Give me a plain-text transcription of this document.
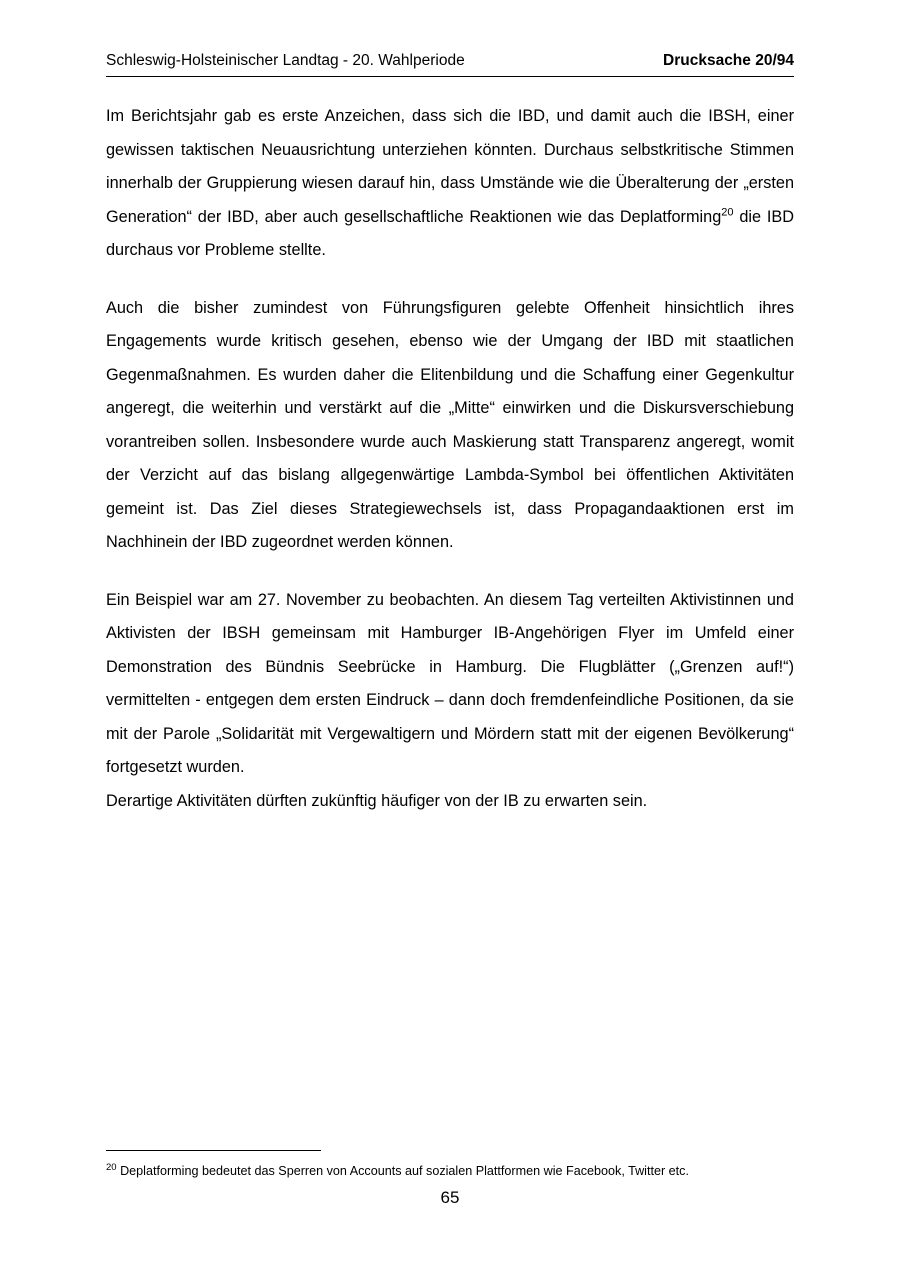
Schleswig-Holsteinischer Landtag - 20. Wahlperiode	Drucksache 20/94

Im Berichtsjahr gab es erste Anzeichen, dass sich die IBD, und damit auch die IBSH, einer gewissen taktischen Neuausrichtung unterziehen könnten. Durchaus selbstkritische Stimmen innerhalb der Gruppierung wiesen darauf hin, dass Umstände wie die Überalterung der „ersten Generation“ der IBD, aber auch gesellschaftliche Reaktionen wie das Deplatforming$^{20}$ die IBD durchaus vor Probleme stellte.

Auch die bisher zumindest von Führungsfiguren gelebte Offenheit hinsichtlich ihres Engagements wurde kritisch gesehen, ebenso wie der Umgang der IBD mit staatlichen Gegenmaßnahmen. Es wurden daher die Elitenbildung und die Schaffung einer Gegenkultur angeregt, die weiterhin und verstärkt auf die „Mitte“ einwirken und die Diskursverschiebung vorantreiben sollen. Insbesondere wurde auch Maskierung statt Transparenz angeregt, womit der Verzicht auf das bislang allgegenwärtige Lambda-Symbol bei öffentlichen Aktivitäten gemeint ist. Das Ziel dieses Strategiewechsels ist, dass Propagandaaktionen erst im Nachhinein der IBD zugeordnet werden können.

Ein Beispiel war am 27. November zu beobachten. An diesem Tag verteilten Aktivistinnen und Aktivisten der IBSH gemeinsam mit Hamburger IB-Angehörigen Flyer im Umfeld einer Demonstration des Bündnis Seebrücke in Hamburg. Die Flugblätter („Grenzen auf!“) vermittelten - entgegen dem ersten Eindruck – dann doch fremdenfeindliche Positionen, da sie mit der Parole „Solidarität mit Vergewaltigern und Mördern statt mit der eigenen Bevölkerung“ fortgesetzt wurden.

Derartige Aktivitäten dürften zukünftig häufiger von der IB zu erwarten sein.

$^{20}$ Deplatforming bedeutet das Sperren von Accounts auf sozialen Plattformen wie Facebook, Twitter etc.
65
